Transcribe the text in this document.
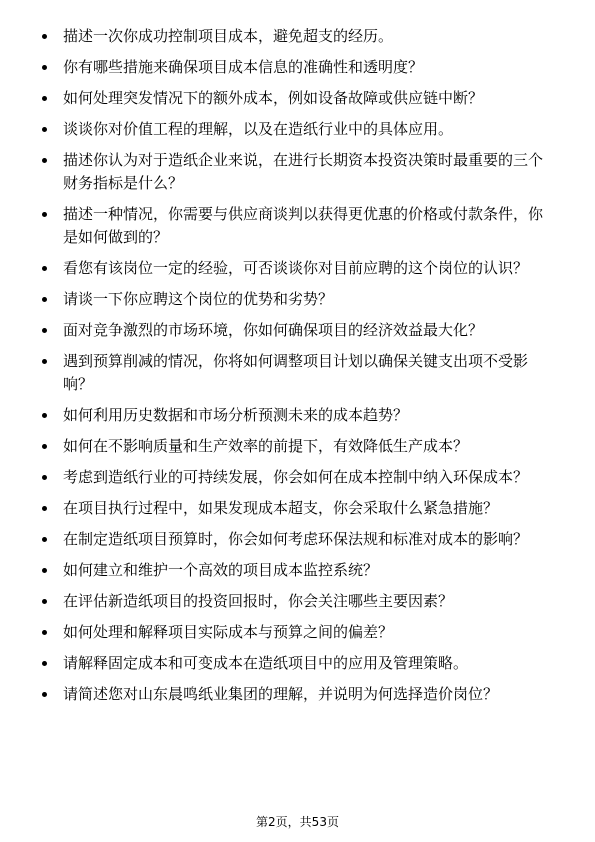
描述一次你成功控制项目成本，避免超支的经历。
你有哪些措施来确保项目成本信息的准确性和透明度？
如何处理突发情况下的额外成本，例如设备故障或供应链中断？
谈谈你对价值工程的理解，以及在造纸行业中的具体应用。
描述你认为对于造纸企业来说，在进行长期资本投资决策时最重要的三个财务指标是什么？
描述一种情况，你需要与供应商谈判以获得更优惠的价格或付款条件，你是如何做到的？
看您有该岗位一定的经验，可否谈谈你对目前应聘的这个岗位的认识？
请谈一下你应聘这个岗位的优势和劣势？
面对竞争激烈的市场环境，你如何确保项目的经济效益最大化？
遇到预算削减的情况，你将如何调整项目计划以确保关键支出项不受影响？
如何利用历史数据和市场分析预测未来的成本趋势？
如何在不影响质量和生产效率的前提下，有效降低生产成本？
考虑到造纸行业的可持续发展，你会如何在成本控制中纳入环保成本？
在项目执行过程中，如果发现成本超支，你会采取什么紧急措施？
在制定造纸项目预算时，你会如何考虑环保法规和标准对成本的影响？
如何建立和维护一个高效的项目成本监控系统？
在评估新造纸项目的投资回报时，你会关注哪些主要因素？
如何处理和解释项目实际成本与预算之间的偏差？
请解释固定成本和可变成本在造纸项目中的应用及管理策略。
请简述您对山东晨鸣纸业集团的理解，并说明为何选择造价岗位？
第2页，共53页
